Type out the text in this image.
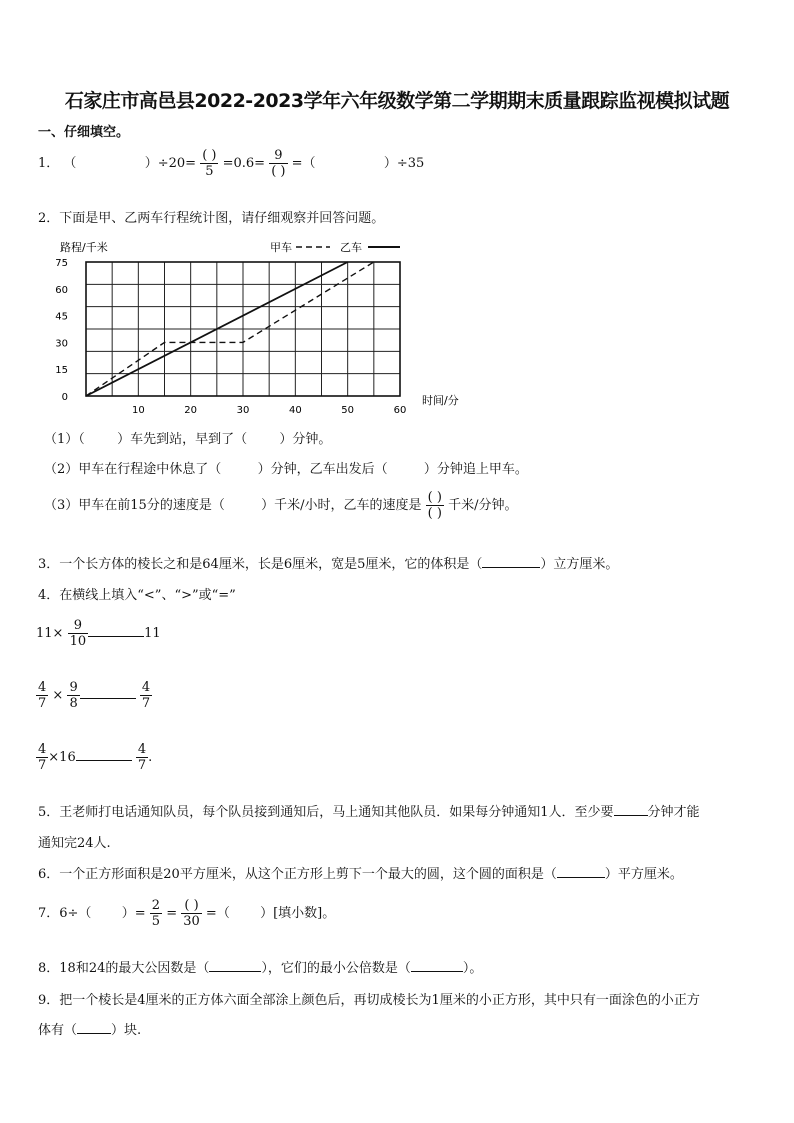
石家庄市高邑县2022-2023学年六年级数学第二学期期末质量跟踪监视模拟试题
一、仔细填空。
1． （	）$\div 20= \frac{( )}{5} =0.6= \frac{9}{( )}$ =（	）÷35
2．下面是甲、乙两车行程统计图，请仔细观察并回答问题。
路程/千米	甲车	乙车
0
15
30
45
60
75
10	20	30	40	50	60
时间/分
（1）（ ）车先到站，早到了（ ）分钟。
（2）甲车在行程途中休息了（	）分钟，乙车出发后（	）分钟追上甲车。
（3）甲车在前15分的速度是（	）千米/小时，乙车的速度是 $\frac{( )}{( )}$ 千米/分钟。
3．一个长方体的棱长之和是64厘米，长是6厘米，宽是5厘米，它的体积是（	）立方厘米。
4．在横线上填入“<”、“>”或“=”
$11\times \frac{9}{10}$	11
$\frac{4}{7} \times \frac{9}{8}$
	$\frac{4}{7}$
$\frac{4}{7} \times 16$	$\frac{4}{7}$ .
5．王老师打电话通知队员，每个队员接到通知后，马上通知其他队员．如果每分钟通知1人．至少要	分钟才能
通知完24人.
6．一个正方形面积是20平方厘米，从这个正方形上剪下一个最大的圆，这个圆的面积是（	）平方厘米。
7．6÷（ ）= $\frac{2}{5} = \frac{( )}{30}$ =（ ）[填小数]。
8．18和24的最大公因数是（	），它们的最小公倍数是（	）。
9．把一个棱长是4厘米的正方体六面全部涂上颜色后，再切成棱长为1厘米的小正方形，其中只有一面涂色的小正方
体有（	）块.
